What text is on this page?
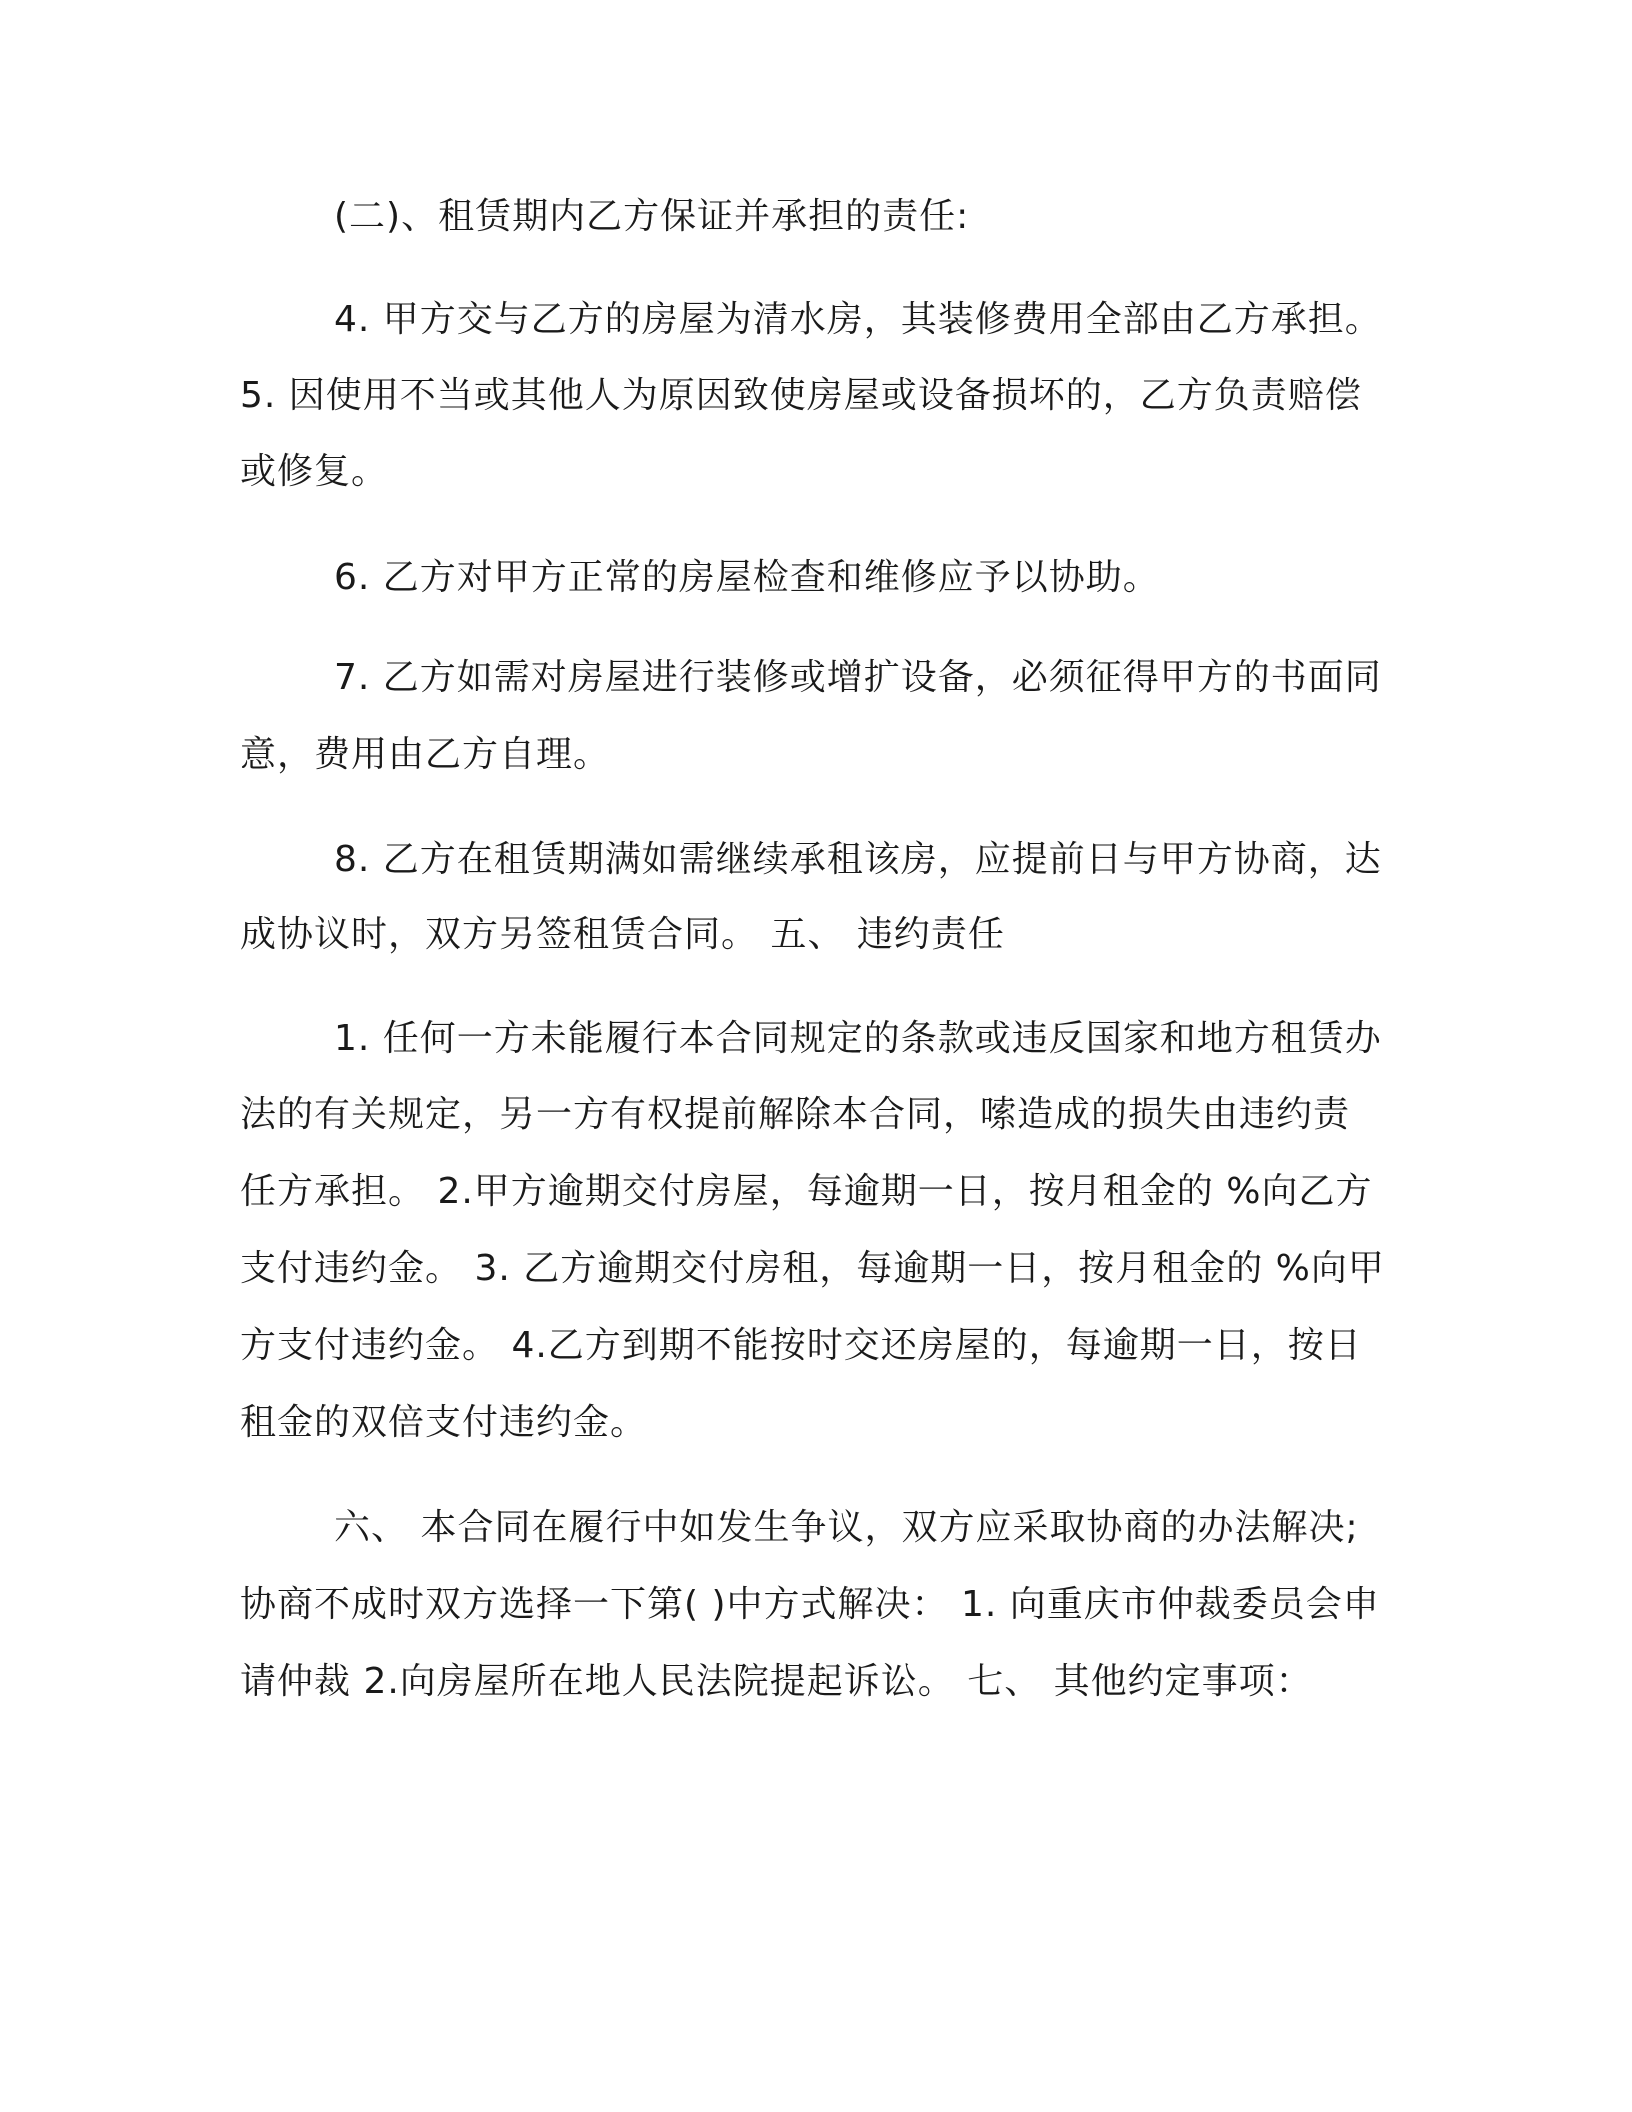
(二)、租赁期内乙方保证并承担的责任:
4. 甲方交与乙方的房屋为清水房，其装修费用全部由乙方承担。
5. 因使用不当或其他人为原因致使房屋或设备损坏的，乙方负责赔偿
或修复。
6. 乙方对甲方正常的房屋检查和维修应予以协助。
7. 乙方如需对房屋进行装修或增扩设备，必须征得甲方的书面同
意，费用由乙方自理。
8. 乙方在租赁期满如需继续承租该房，应提前日与甲方协商，达
成协议时，双方另签租赁合同。 五、 违约责任
1. 任何一方未能履行本合同规定的条款或违反国家和地方租赁办
法的有关规定，另一方有权提前解除本合同，嗦造成的损失由违约责
任方承担。 2.甲方逾期交付房屋，每逾期一日，按月租金的 %向乙方
支付违约金。 3. 乙方逾期交付房租，每逾期一日，按月租金的 %向甲
方支付违约金。 4.乙方到期不能按时交还房屋的，每逾期一日，按日
租金的双倍支付违约金。
六、 本合同在履行中如发生争议，双方应采取协商的办法解决;
协商不成时双方选择一下第( )中方式解决： 1. 向重庆市仲裁委员会申
请仲裁 2.向房屋所在地人民法院提起诉讼。 七、 其他约定事项：
